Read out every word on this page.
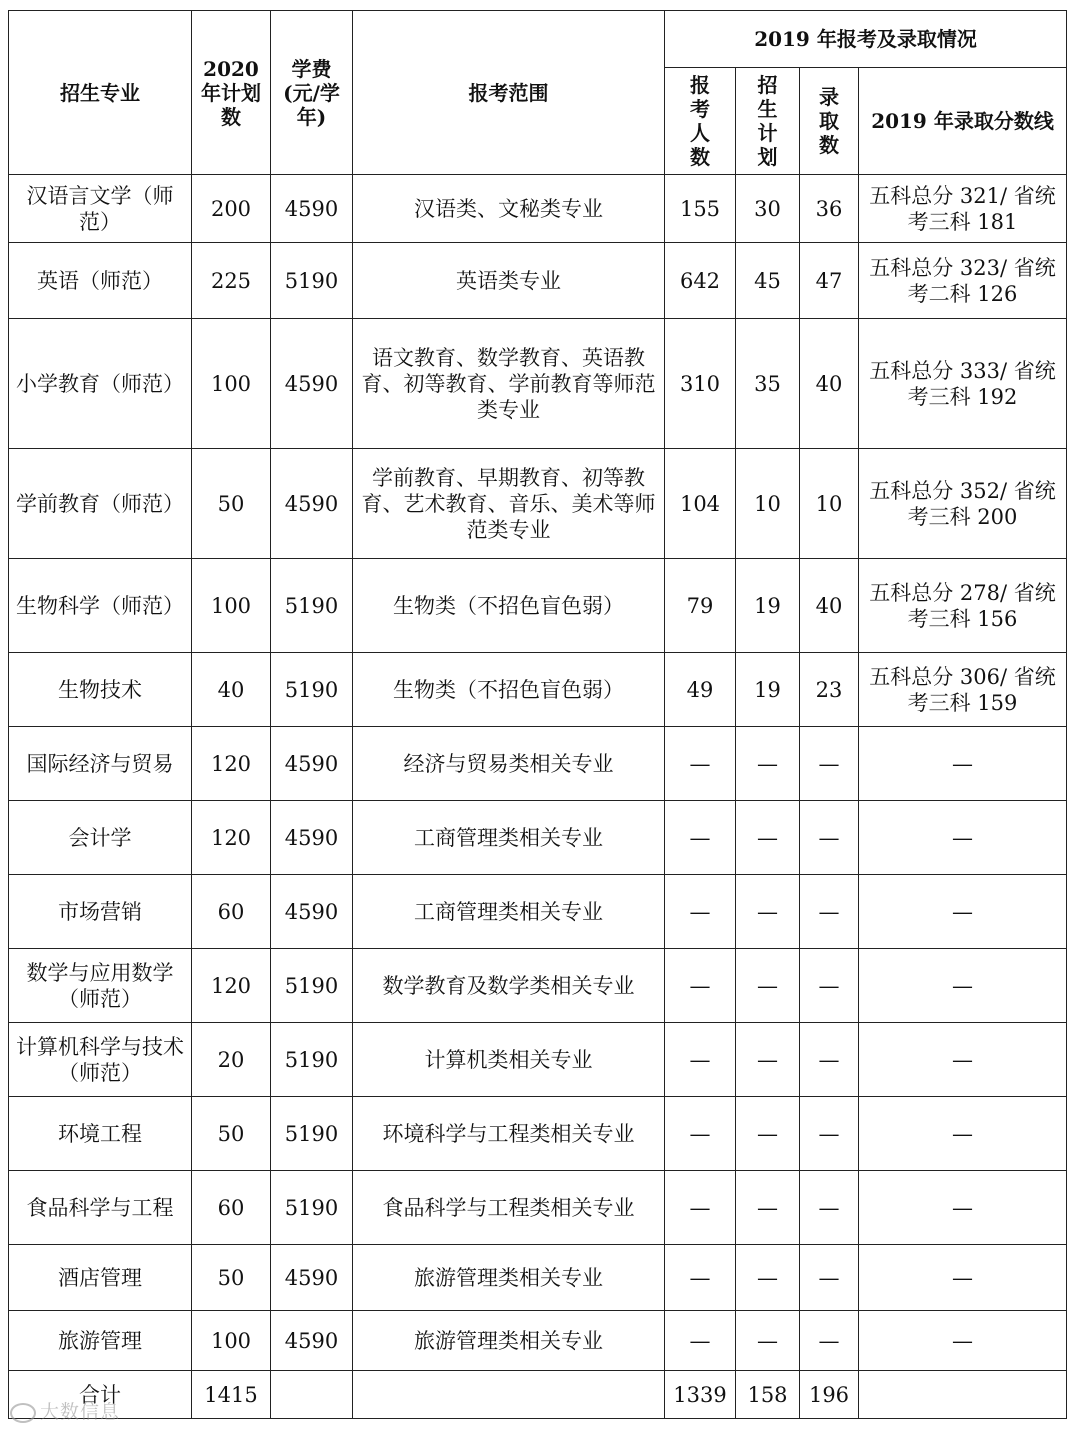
招生专业	2020年计划数	学费(元/学年)	报考范围	2019 年报考及录取情况			
				报考人数	招生计划	录取数	2019 年录取分数线
汉语言文学（师范）	200	4590	汉语类、文秘类专业	155	30	36	五科总分 321/ 省统考三科 181
英语（师范）	225	5190	英语类专业	642	45	47	五科总分 323/ 省统考二科 126
小学教育（师范）	100	4590	语文教育、数学教育、英语教育、初等教育、学前教育等师范类专业	310	35	40	五科总分 333/ 省统考三科 192
学前教育（师范）	50	4590	学前教育、早期教育、初等教育、艺术教育、音乐、美术等师范类专业	104	10	10	五科总分 352/ 省统考三科 200
生物科学（师范）	100	5190	生物类（不招色盲色弱）	79	19	40	五科总分 278/ 省统考三科 156
生物技术	40	5190	生物类（不招色盲色弱）	49	19	23	五科总分 306/ 省统考三科 159
国际经济与贸易	120	4590	经济与贸易类相关专业	—	—	—	—
会计学	120	4590	工商管理类相关专业	—	—	—	—
市场营销	60	4590	工商管理类相关专业	—	—	—	—
数学与应用数学（师范）	120	5190	数学教育及数学类相关专业	—	—	—	—
计算机科学与技术（师范）	20	5190	计算机类相关专业	—	—	—	—
环境工程	50	5190	环境科学与工程类相关专业	—	—	—	—
食品科学与工程	60	5190	食品科学与工程类相关专业	—	—	—	—
酒店管理	50	4590	旅游管理类相关专业	—	—	—	—
旅游管理	100	4590	旅游管理类相关专业	—	—	—	—
合计	1415			1339	158	196	
大数信息
